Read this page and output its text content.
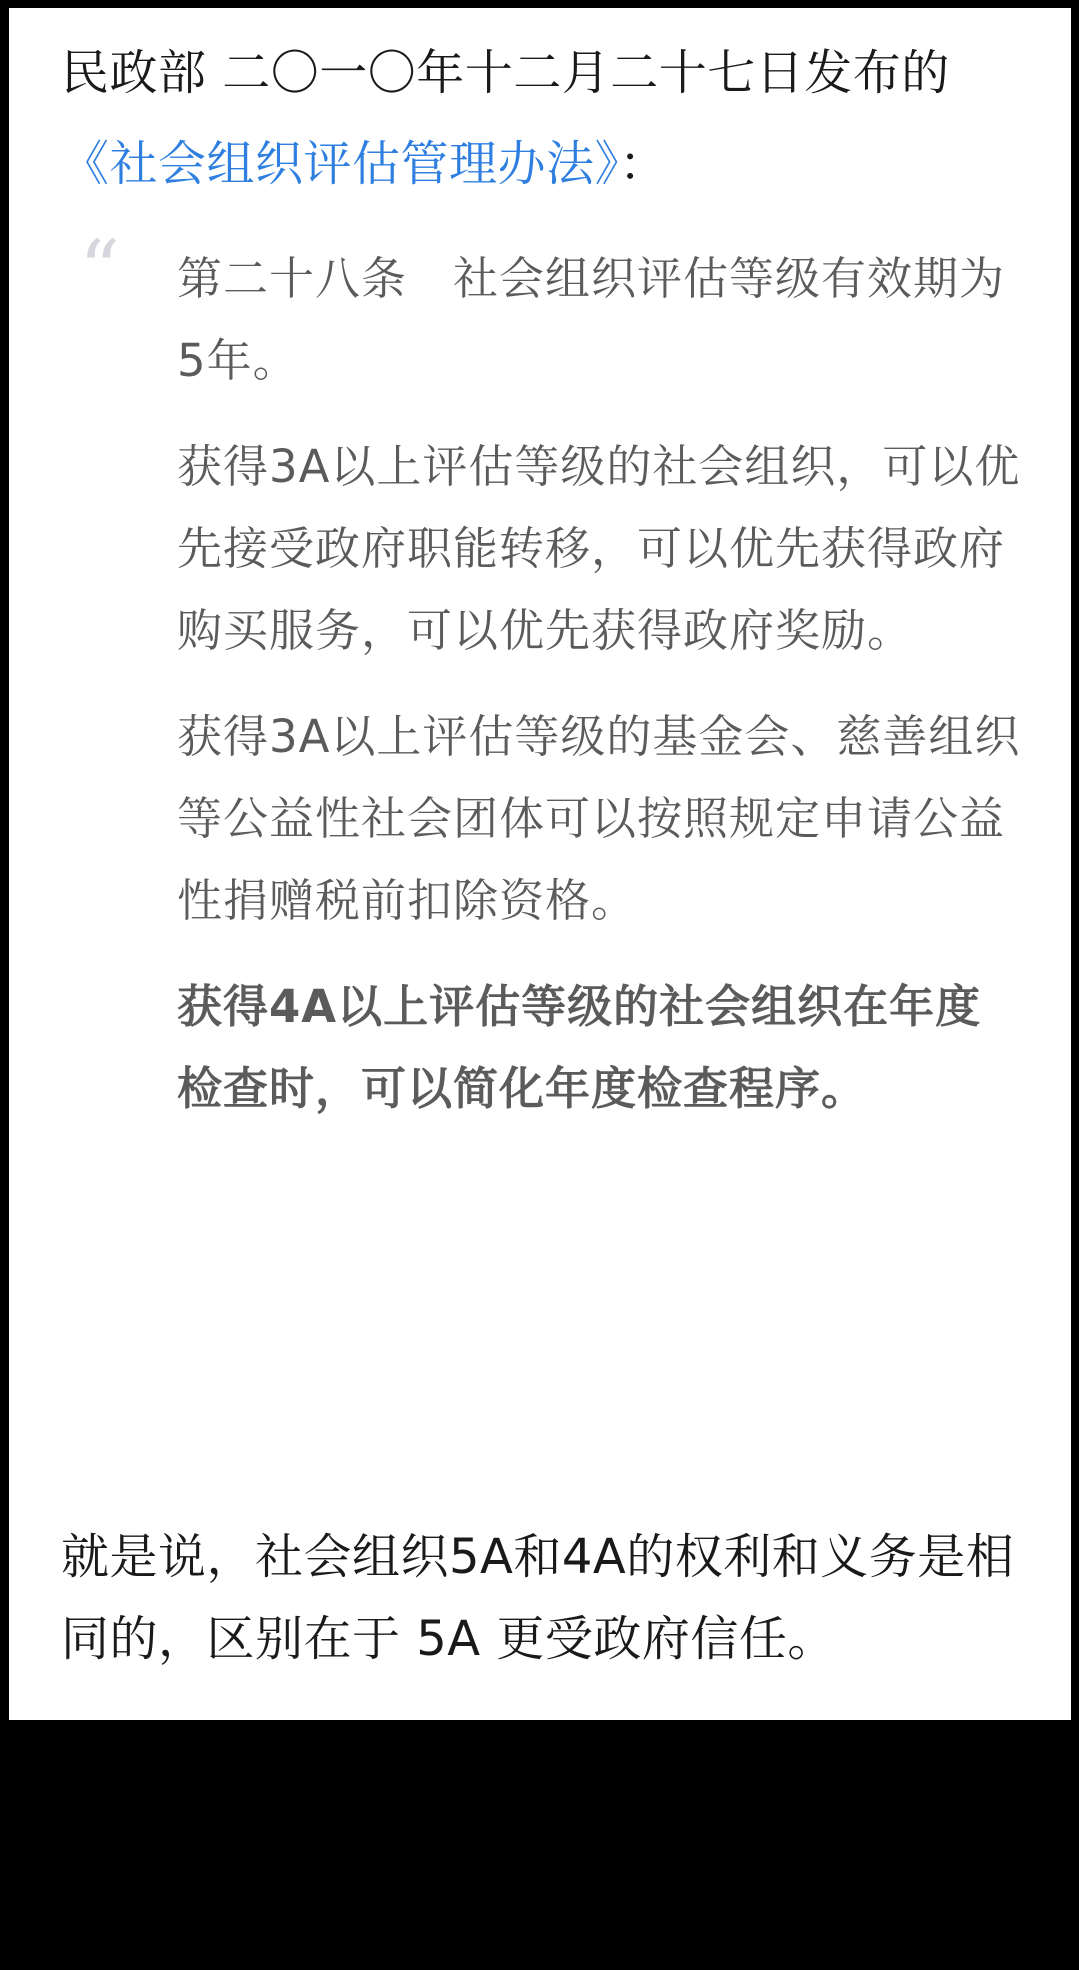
民政部 二〇一〇年十二月二十七日发布的《社会组织评估管理办法》：

“ 第二十八条　社会组织评估等级有效期为5年。

获得3A以上评估等级的社会组织，可以优先接受政府职能转移，可以优先获得政府购买服务，可以优先获得政府奖励。

获得3A以上评估等级的基金会、慈善组织等公益性社会团体可以按照规定申请公益性捐赠税前扣除资格。

获得4A以上评估等级的社会组织在年度检查时，可以简化年度检查程序。

就是说，社会组织5A和4A的权利和义务是相同的，区别在于 5A 更受政府信任。
